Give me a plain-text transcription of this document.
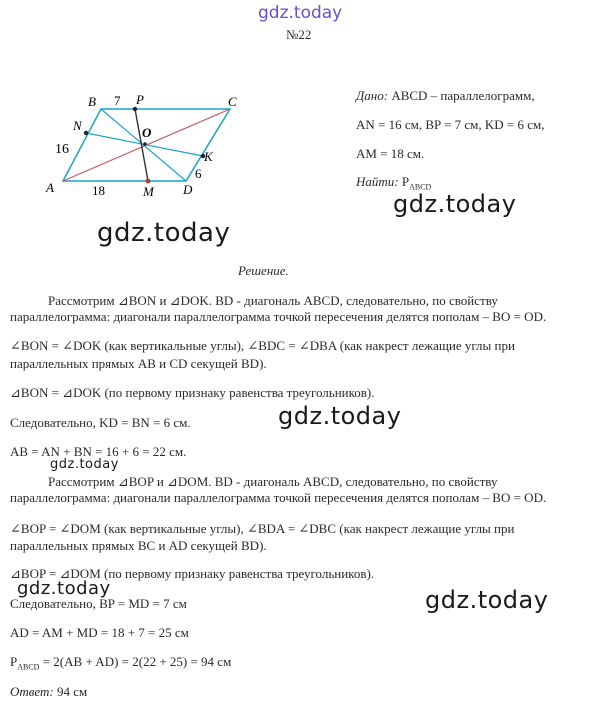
gdz.today
№22
B	P	C
N	O
K
A	M D
7
16
18
6
Дано: ABCD – параллелограмм,
AN = 16 см, BP = 7 см, KD = 6 см,
AM = 18 см.
Найти: $P_{ABCD}$
gdz.today
gdz.today
Решение.
Рассмотрим ⊿BON и ⊿DOK. BD - диагональ ABCD, следовательно, по свойству
параллелограмма: диагонали параллелограмма точкой пересечения делятся пополам – BO = OD.
∠BON = ∠DOK (как вертикальные углы), ∠BDC = ∠DBA (как накрест лежащие углы при
параллельных прямых AB и CD секущей BD).
⊿BON = ⊿DOK (по первому признаку равенства треугольников).
gdz.today
Следовательно, KD = BN = 6 см.
AB = AN + BN = 16 + 6 = 22 см.
gdz.today
Рассмотрим ⊿BOP и ⊿DOM. BD - диагональ ABCD, следовательно, по свойству
параллелограмма: диагонали параллелограмма точкой пересечения делятся пополам – BO = OD.
∠BOP = ∠DOM (как вертикальные углы), ∠BDA = ∠DBC (как накрест лежащие углы при
параллельных прямых BC и AD секущей BD).
⊿BOP = ⊿DOM (по первому признаку равенства треугольников).
gdz.today	gdz.today
Следовательно, BP = MD = 7 см
AD = AM + MD = 18 + 7 = 25 см
$P_{ABCD} = 2(AB + AD) = 2(22 + 25) = 94$ см
Ответ: 94 см
